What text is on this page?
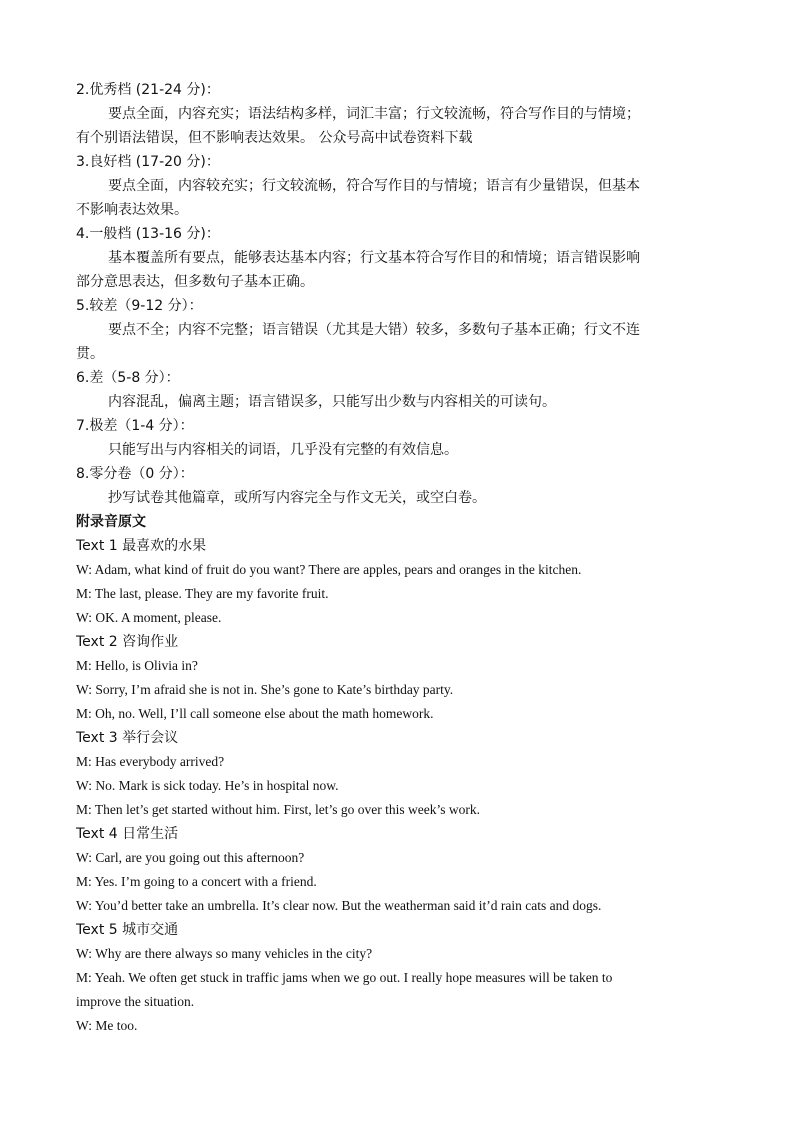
2.优秀档 (21-24 分)：
要点全面，内容充实；语法结构多样，词汇丰富；行文较流畅，符合写作目的与情境；
有个别语法错误，但不影响表达效果。 公众号高中试卷资料下载
3.良好档 (17-20 分)：
要点全面，内容较充实；行文较流畅，符合写作目的与情境；语言有少量错误，但基本
不影响表达效果。
4.一般档 (13-16 分)：
基本覆盖所有要点，能够表达基本内容；行文基本符合写作目的和情境；语言错误影响
部分意思表达，但多数句子基本正确。
5.较差（9-12 分）：
要点不全；内容不完整；语言错误（尤其是大错）较多，多数句子基本正确；行文不连
贯。
6.差（5-8 分）：
内容混乱，偏离主题；语言错误多，只能写出少数与内容相关的可读句。
7.极差（1-4 分）：
只能写出与内容相关的词语，几乎没有完整的有效信息。
8.零分卷（0 分）：
抄写试卷其他篇章，或所写内容完全与作文无关，或空白卷。
附录音原文
Text 1 最喜欢的水果
W: Adam, what kind of fruit do you want? There are apples, pears and oranges in the kitchen.
M: The last, please. They are my favorite fruit.
W: OK. A moment, please.
Text 2 咨询作业
M: Hello, is Olivia in?
W: Sorry, I’m afraid she is not in. She’s gone to Kate’s birthday party.
M: Oh, no. Well, I’ll call someone else about the math homework.
Text 3 举行会议
M: Has everybody arrived?
W: No. Mark is sick today. He’s in hospital now.
M: Then let’s get started without him. First, let’s go over this week’s work.
Text 4 日常生活
W: Carl, are you going out this afternoon?
M: Yes. I’m going to a concert with a friend.
W: You’d better take an umbrella. It’s clear now. But the weatherman said it’d rain cats and dogs.
Text 5 城市交通
W: Why are there always so many vehicles in the city?
M: Yeah. We often get stuck in traffic jams when we go out. I really hope measures will be taken to
improve the situation.
W: Me too.
